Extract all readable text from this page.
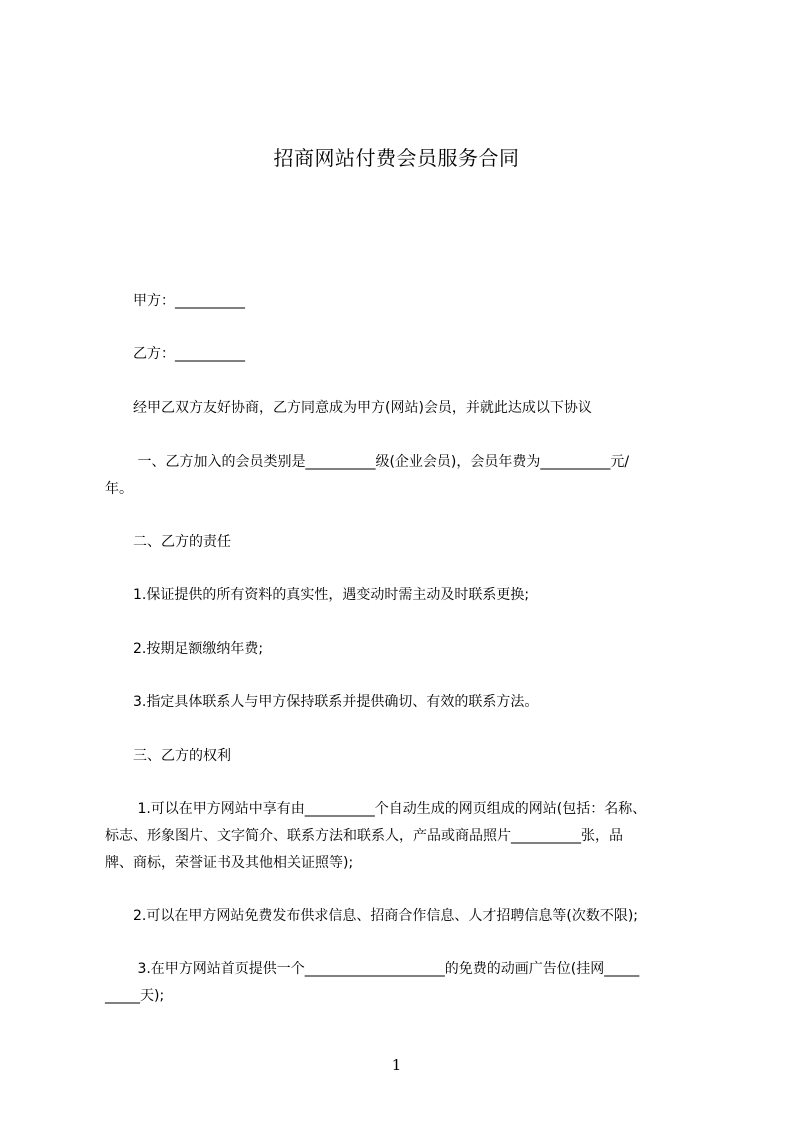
招商网站付费会员服务合同
　　甲方：__________
　　乙方：__________
　　经甲乙双方友好协商，乙方同意成为甲方(网站)会员，并就此达成以下协议
　　 一、乙方加入的会员类别是__________级(企业会员)，会员年费为__________元/
年。
　　二、乙方的责任
　　1.保证提供的所有资料的真实性，遇变动时需主动及时联系更换;
　　2.按期足额缴纳年费;
　　3.指定具体联系人与甲方保持联系并提供确切、有效的联系方法。
　　三、乙方的权利
　　 1.可以在甲方网站中享有由__________个自动生成的网页组成的网站(包括：名称、
标志、形象图片、文字简介、联系方法和联系人，产品或商品照片__________张，品
牌、商标，荣誉证书及其他相关证照等);
　　2.可以在甲方网站免费发布供求信息、招商合作信息、人才招聘信息等(次数不限);
　　 3.在甲方网站首页提供一个____________________的免费的动画广告位(挂网_____
_____天);
1
